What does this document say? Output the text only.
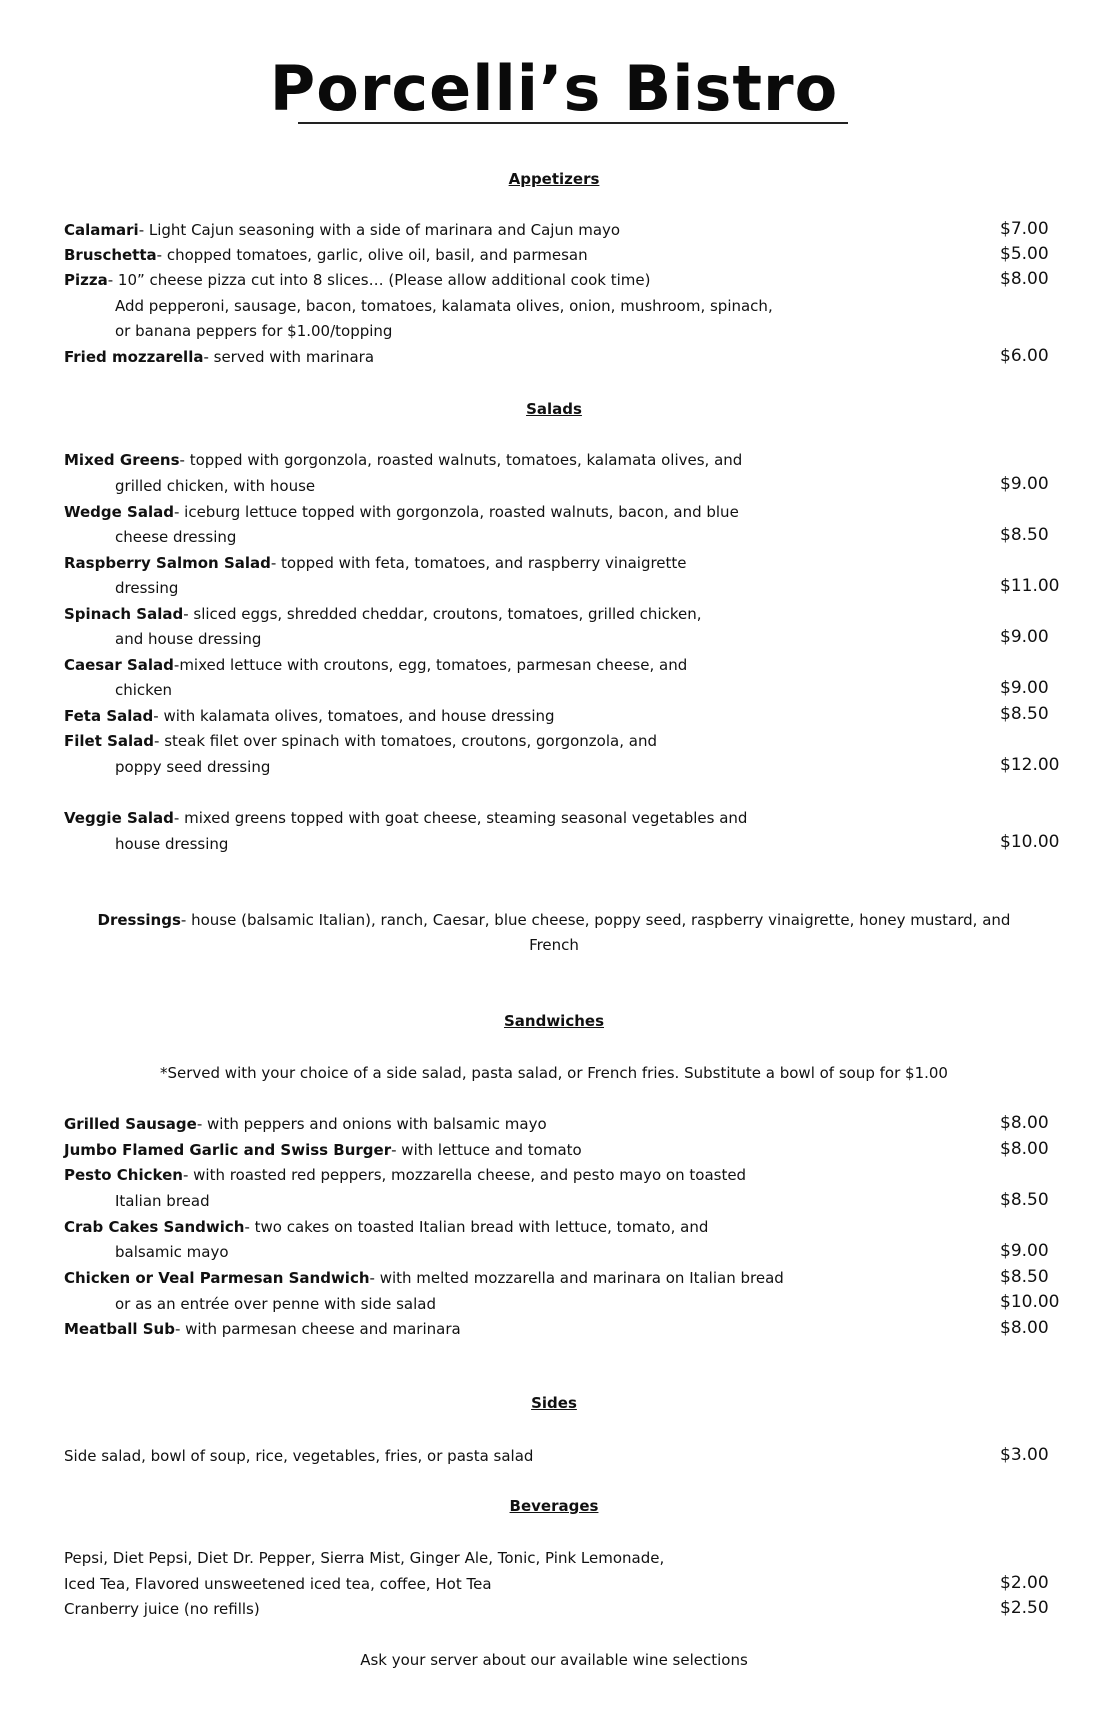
Porcelli’s Bistro
Appetizers
Calamari- Light Cajun seasoning with a side of marinara and Cajun mayo	$7.00
Bruschetta- chopped tomatoes, garlic, olive oil, basil, and parmesan	$5.00
Pizza- 10” cheese pizza cut into 8 slices… (Please allow additional cook time)	$8.00
Add pepperoni, sausage, bacon, tomatoes, kalamata olives, onion, mushroom, spinach,
or banana peppers for $1.00/topping
Fried mozzarella- served with marinara	$6.00
Salads
Mixed Greens- topped with gorgonzola, roasted walnuts, tomatoes, kalamata olives, and
grilled chicken, with house	$9.00
Wedge Salad- iceburg lettuce topped with gorgonzola, roasted walnuts, bacon, and blue
cheese dressing	$8.50
Raspberry Salmon Salad- topped with feta, tomatoes, and raspberry vinaigrette
dressing	$11.00
Spinach Salad- sliced eggs, shredded cheddar, croutons, tomatoes, grilled chicken,
and house dressing	$9.00
Caesar Salad-mixed lettuce with croutons, egg, tomatoes, parmesan cheese, and
chicken	$9.00
Feta Salad- with kalamata olives, tomatoes, and house dressing	$8.50
Filet Salad- steak filet over spinach with tomatoes, croutons, gorgonzola, and
poppy seed dressing	$12.00
Veggie Salad- mixed greens topped with goat cheese, steaming seasonal vegetables and
house dressing	$10.00
Dressings- house (balsamic Italian), ranch, Caesar, blue cheese, poppy seed, raspberry vinaigrette, honey mustard, and
French
Sandwiches
*Served with your choice of a side salad, pasta salad, or French fries. Substitute a bowl of soup for $1.00
Grilled Sausage- with peppers and onions with balsamic mayo	$8.00
Jumbo Flamed Garlic and Swiss Burger- with lettuce and tomato	$8.00
Pesto Chicken- with roasted red peppers, mozzarella cheese, and pesto mayo on toasted
Italian bread	$8.50
Crab Cakes Sandwich- two cakes on toasted Italian bread with lettuce, tomato, and
balsamic mayo	$9.00
Chicken or Veal Parmesan Sandwich- with melted mozzarella and marinara on Italian bread	$8.50
or as an entrée over penne with side salad	$10.00
Meatball Sub- with parmesan cheese and marinara	$8.00
Sides
Side salad, bowl of soup, rice, vegetables, fries, or pasta salad	$3.00
Beverages
Pepsi, Diet Pepsi, Diet Dr. Pepper, Sierra Mist, Ginger Ale, Tonic, Pink Lemonade,
Iced Tea, Flavored unsweetened iced tea, coffee, Hot Tea	$2.00
Cranberry juice (no refills)	$2.50
Ask your server about our available wine selections
